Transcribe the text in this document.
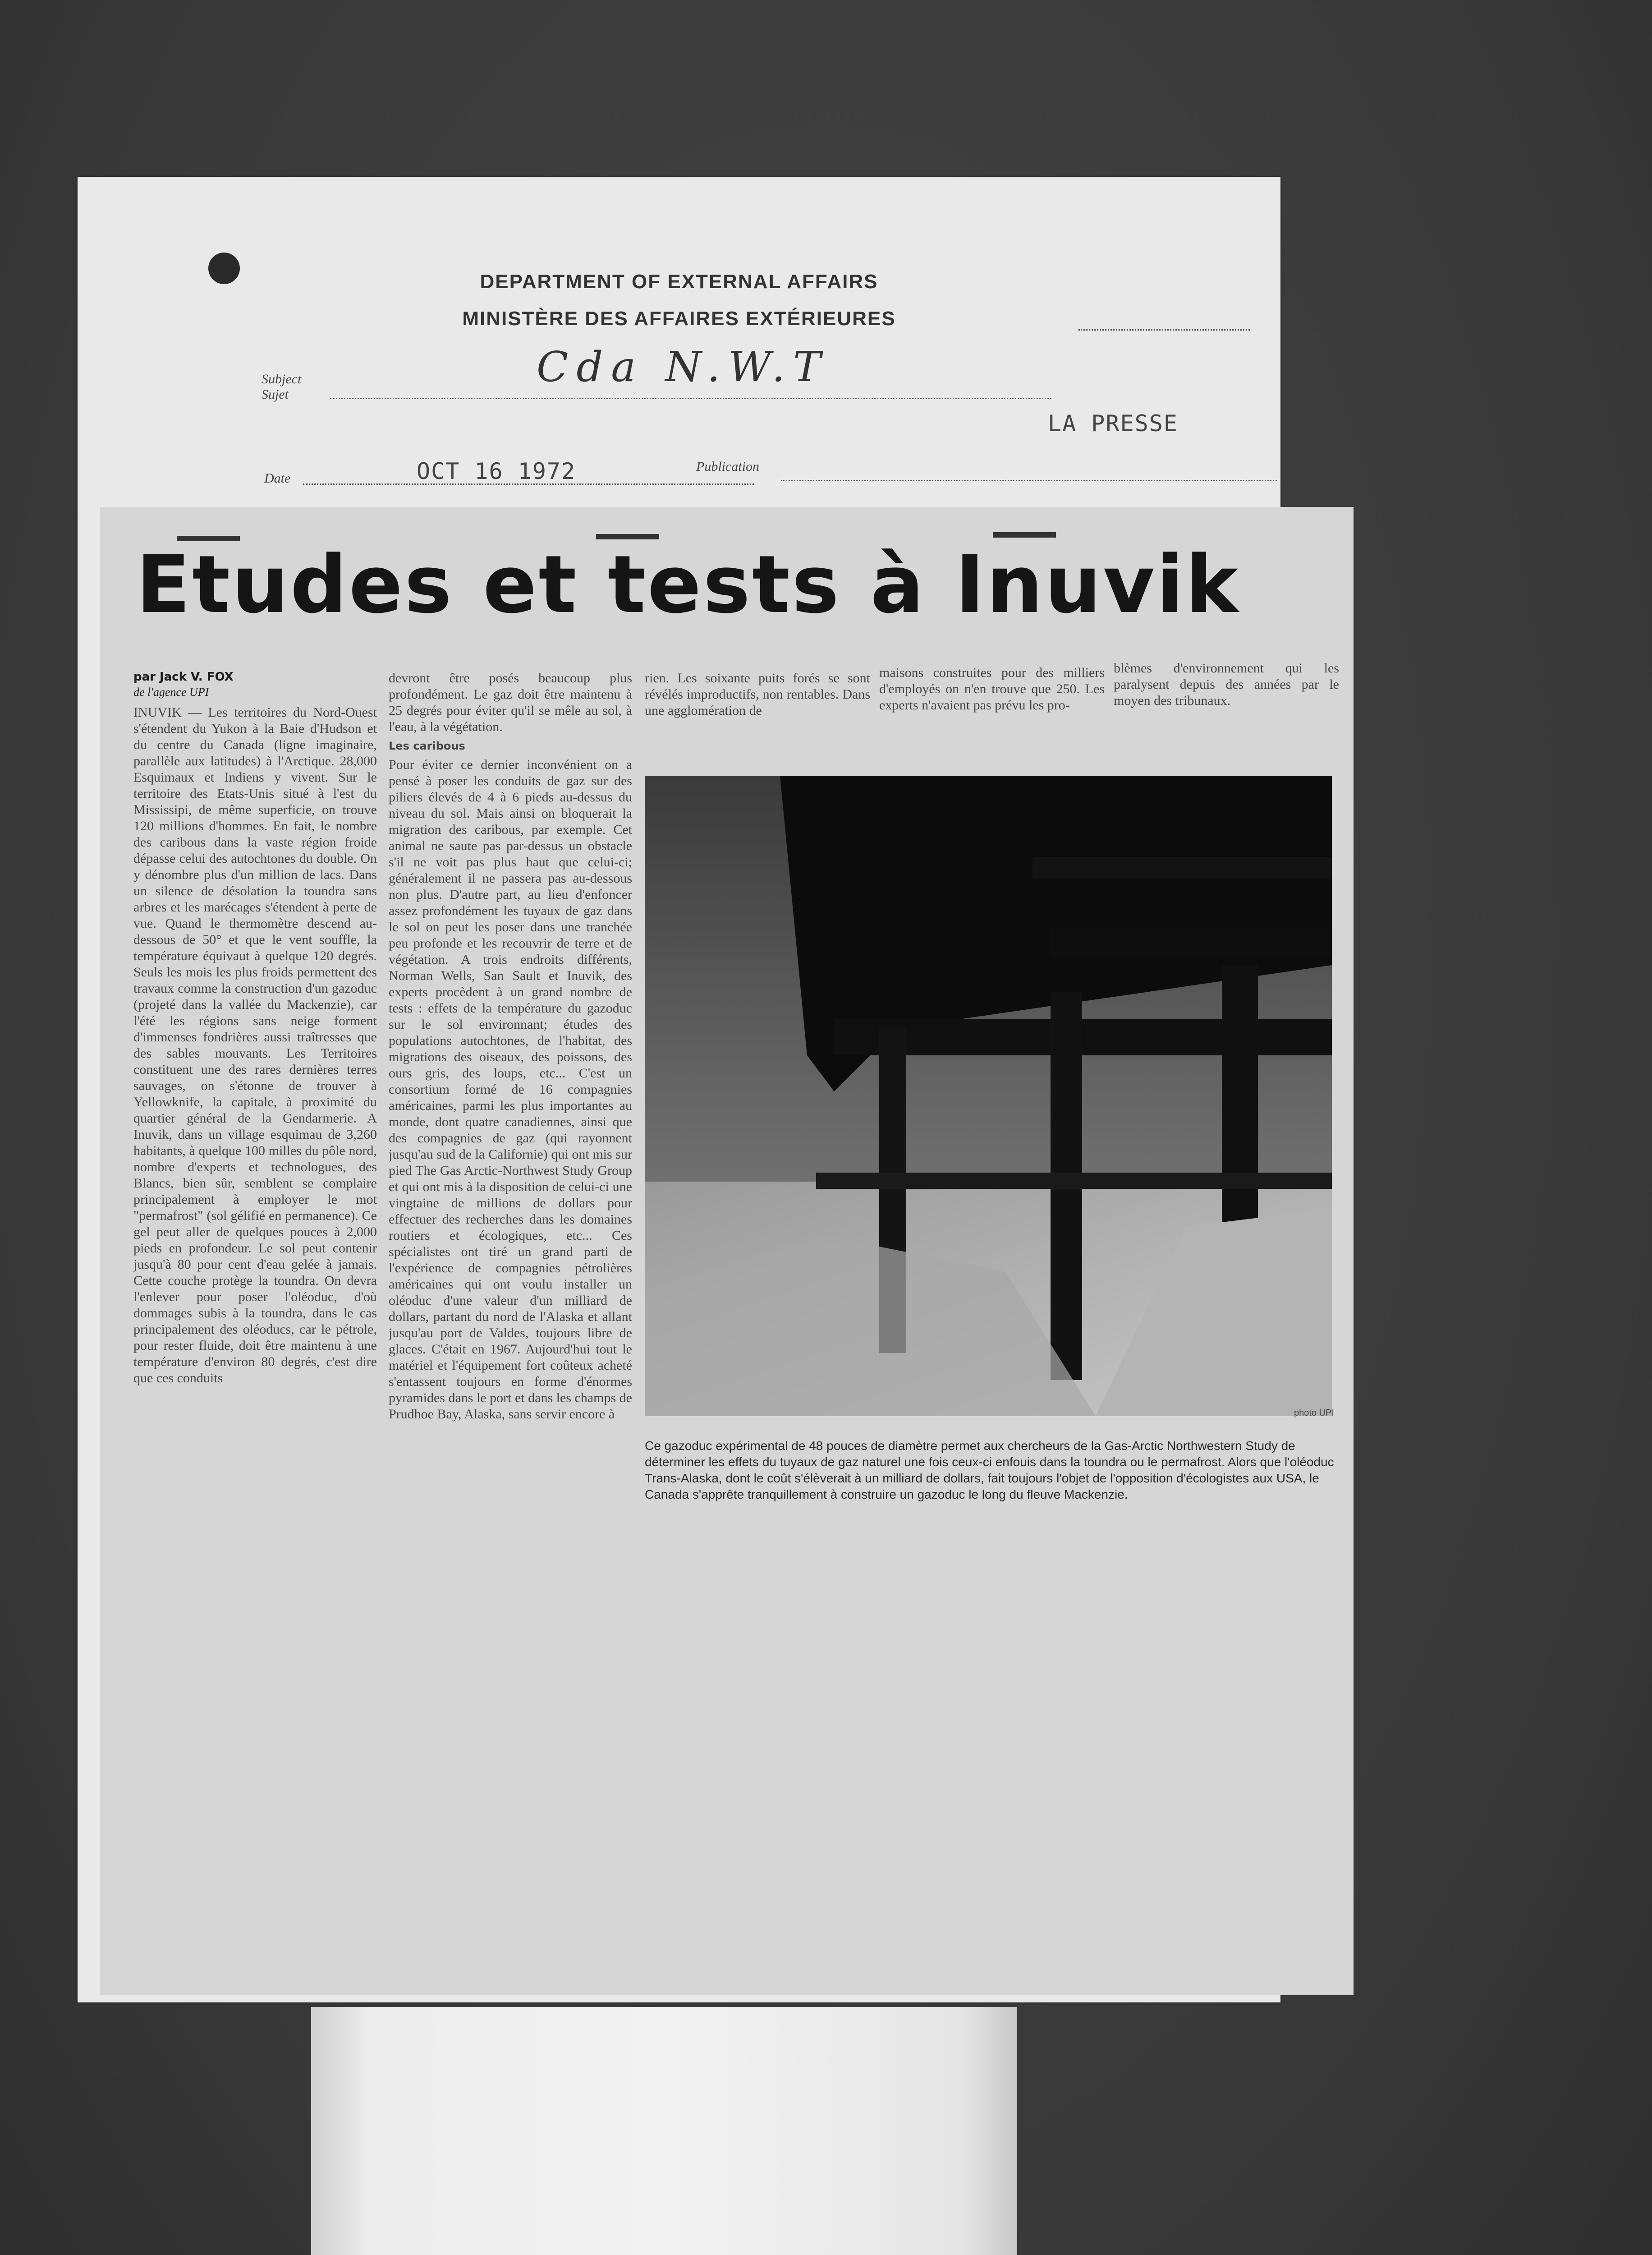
DEPARTMENT OF EXTERNAL AFFAIRS
MINISTÈRE DES AFFAIRES EXTÉRIEURES
Subject
Sujet
Cda N.W.T
LA PRESSE
Date	OCT 16 1972	Publication
Etudes et tests à Inuvik
par Jack V. FOX
de l'agence UPI
INUVIK — Les territoires du Nord-Ouest s'étendent du Yukon à la Baie d'Hudson et du centre du Canada (ligne imaginaire, parallèle aux latitudes) à l'Arctique. 28,000 Esquimaux et Indiens y vivent. Sur le territoire des Etats-Unis situé à l'est du Mississipi, de même superficie, on trouve 120 millions d'hommes. En fait, le nombre des caribous dans la vaste région froide dépasse celui des autochtones du double. On y dénombre plus d'un million de lacs. Dans un silence de désolation la toundra sans arbres et les marécages s'étendent à perte de vue. Quand le thermomètre descend au-dessous de 50° et que le vent souffle, la température équivaut à quelque 120 degrés. Seuls les mois les plus froids permettent des travaux comme la construction d'un gazoduc (projeté dans la vallée du Mackenzie), car l'été les régions sans neige forment d'immenses fondrières aussi traîtresses que des sables mouvants. Les Territoires constituent une des rares dernières terres sauvages, on s'étonne de trouver à Yellowknife, la capitale, à proximité du quartier général de la Gendarmerie. A Inuvik, dans un village esquimau de 3,260 habitants, à quelque 100 milles du pôle nord, nombre d'experts et technologues, des Blancs, bien sûr, semblent se complaire principalement à employer le mot "permafrost" (sol gélifié en permanence). Ce gel peut aller de quelques pouces à 2,000 pieds en profondeur. Le sol peut contenir jusqu'à 80 pour cent d'eau gelée à jamais. Cette couche protège la toundra. On devra l'enlever pour poser l'oléoduc, d'où dommages subis à la toundra, dans le cas principalement des oléoducs, car le pétrole, pour rester fluide, doit être maintenu à une température d'environ 80 degrés, c'est dire que ces conduits
devront être posés beaucoup plus profondément. Le gaz doit être maintenu à 25 degrés pour éviter qu'il se mêle au sol, à l'eau, à la végétation.
Les caribous
Pour éviter ce dernier inconvénient on a pensé à poser les conduits de gaz sur des piliers élevés de 4 à 6 pieds au-dessus du niveau du sol. Mais ainsi on bloquerait la migration des caribous, par exemple. Cet animal ne saute pas par-dessus un obstacle s'il ne voit pas plus haut que celui-ci; généralement il ne passera pas au-dessous non plus. D'autre part, au lieu d'enfoncer assez profondément les tuyaux de gaz dans le sol on peut les poser dans une tranchée peu profonde et les recouvrir de terre et de végétation. A trois endroits différents, Norman Wells, San Sault et Inuvik, des experts procèdent à un grand nombre de tests : effets de la température du gazoduc sur le sol environnant; études des populations autochtones, de l'habitat, des migrations des oiseaux, des poissons, des ours gris, des loups, etc... C'est un consortium formé de 16 compagnies américaines, parmi les plus importantes au monde, dont quatre canadiennes, ainsi que des compagnies de gaz (qui rayonnent jusqu'au sud de la Californie) qui ont mis sur pied The Gas Arctic-Northwest Study Group et qui ont mis à la disposition de celui-ci une vingtaine de millions de dollars pour effectuer des recherches dans les domaines routiers et écologiques, etc... Ces spécialistes ont tiré un grand parti de l'expérience de compagnies pétrolières américaines qui ont voulu installer un oléoduc d'une valeur d'un milliard de dollars, partant du nord de l'Alaska et allant jusqu'au port de Valdes, toujours libre de glaces. C'était en 1967. Aujourd'hui tout le matériel et l'équipement fort coûteux acheté s'entassent toujours en forme d'énormes pyramides dans le port et dans les champs de Prudhoe Bay, Alaska, sans servir encore à
rien. Les soixante puits forés se sont révélés improductifs, non rentables. Dans une agglomération de
maisons construites pour des milliers d'employés on n'en trouve que 250. Les experts n'avaient pas prévu les pro-
blèmes d'environnement qui les paralysent depuis des années par le moyen des tribunaux.
photo UPI
Ce gazoduc expérimental de 48 pouces de diamètre permet aux chercheurs de la Gas-Arctic Northwestern Study de déterminer les effets du tuyaux de gaz naturel une fois ceux-ci enfouis dans la toundra ou le permafrost. Alors que l'oléoduc Trans-Alaska, dont le coût s'élèverait à un milliard de dollars, fait toujours l'objet de l'opposition d'écologistes aux USA, le Canada s'apprête tranquillement à construire un gazoduc le long du fleuve Mackenzie.
